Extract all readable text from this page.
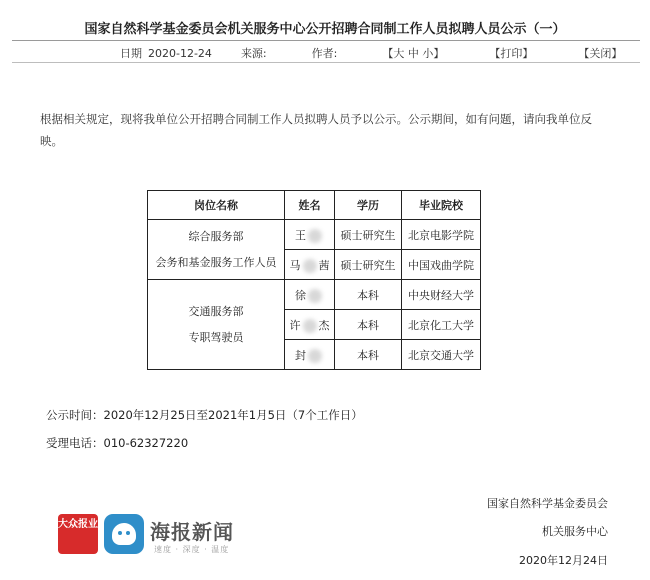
国家自然科学基金委员会机关服务中心公开招聘合同制工作人员拟聘人员公示（一）
日期 2020-12-24	来源:	作者:	【大 中 小】	【打印】	【关闭】
根据相关规定，现将我单位公开招聘合同制工作人员拟聘人员予以公示。公示期间，如有问题，请向我单位反映。
岗位名称	姓名	学历	毕业院校

综合服务部
会务和基金服务工作人员	王	硕士研究生	北京电影学院
	马 茜	硕士研究生	中国戏曲学院

交通服务部
专职驾驶员	徐	本科	中央财经大学
	许 杰	本科	北京化工大学
	封	本科	北京交通大学
公示时间：2020年12月25日至2021年1月5日（7个工作日）
受理电话：010-62327220
国家自然科学基金委员会
机关服务中心
2020年12月24日
大众报业	海报新闻
速度 · 深度 · 温度
